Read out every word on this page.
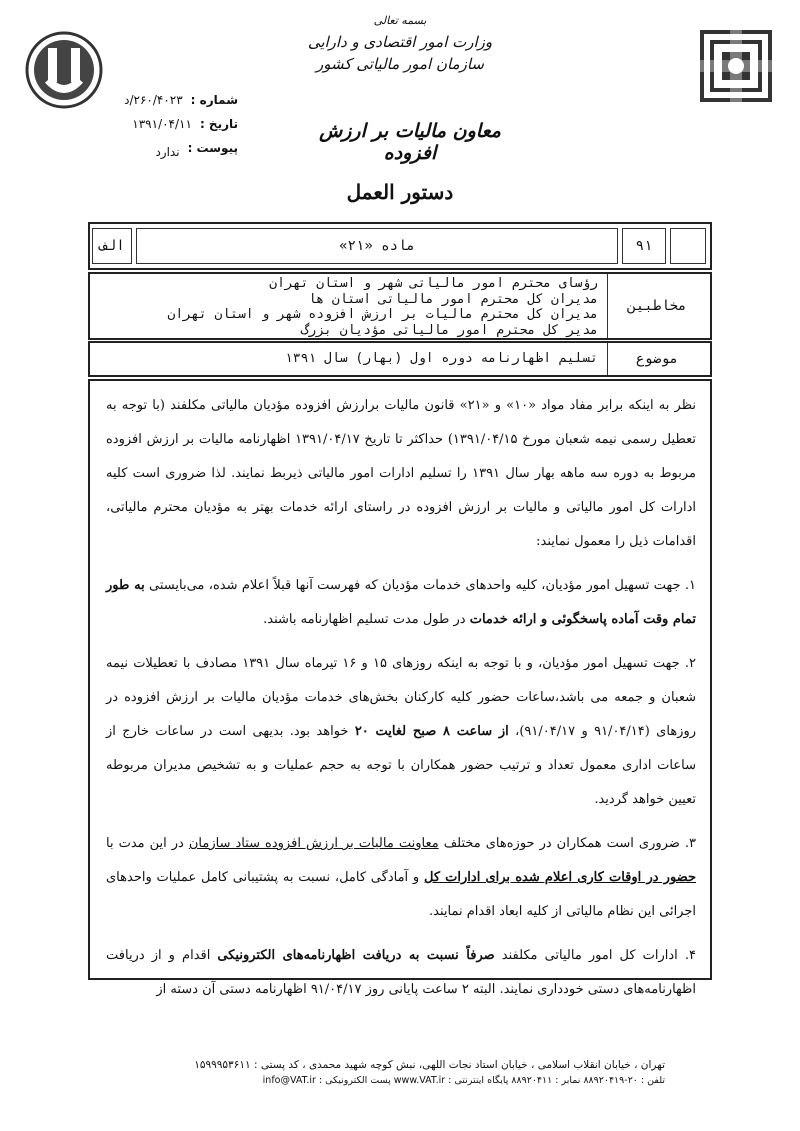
بسمه تعالی
وزارت امور اقتصادی و دارایی
سازمان امور مالیاتی کشور
معاون مالیات بر ارزش افزوده
شماره :
۲۶۰/۴۰۲۳/د
تاریخ :
۱۳۹۱/۰۴/۱۱
پیوست :
ندارد
دستور العمل
۹۱
ماده «۲۱»
الف
رؤسای محترم امور مالیاتی شهر و استان تهران
مدیران کل محترم امور مالیاتی استان ها
مدیران کل محترم مالیات بر ارزش افزوده شهر و استان تهران
مدیر کل محترم امور مالیاتی مؤدیان بزرگ
مخاطبین
تسلیم اظهارنامه دوره اول (بهار) سال ۱۳۹۱	موضوع

نظر به اینکه برابر مفاد مواد «۱۰» و «۲۱» قانون مالیات برارزش افزوده مؤدیان مالیاتی مکلفند (با توجه به تعطیل رسمی نیمه شعبان مورخ ۱۳۹۱/۰۴/۱۵) حداکثر تا تاریخ ۱۳۹۱/۰۴/۱۷ اظهارنامه مالیات بر ارزش افزوده مربوط به دوره سه ماهه بهار سال ۱۳۹۱ را تسلیم ادارات امور مالیاتی ذیربط نمایند. لذا ضروری است کلیه ادارات کل امور مالیاتی و مالیات بر ارزش افزوده در راستای ارائه خدمات بهتر به مؤدیان محترم مالیاتی، اقدامات ذیل را معمول نمایند:

۱. جهت تسهیل امور مؤدیان، کلیه واحدهای خدمات مؤدیان که فهرست آنها قبلاً اعلام شده، می‌بایستی به طور تمام وقت آماده پاسخگوئی و ارائه خدمات در طول مدت تسلیم اظهارنامه باشند.

۲. جهت تسهیل امور مؤدیان، و با توجه به اینکه روزهای ۱۵ و ۱۶ تیرماه سال ۱۳۹۱ مصادف با تعطیلات نیمه شعبان و جمعه می باشد،ساعات حضور کلیه کارکنان بخش‌های خدمات مؤدیان مالیات بر ارزش افزوده در روزهای (۹۱/۰۴/۱۴ و ۹۱/۰۴/۱۷)، از ساعت ۸ صبح لغایت ۲۰ خواهد بود. بدیهی است در ساعات خارج از ساعات اداری معمول تعداد و ترتیب حضور همکاران با توجه به حجم عملیات و به تشخیص مدیران مربوطه تعیین خواهد گردید.

۳. ضروری است همکاران در حوزه‌های مختلف معاونت مالیات بر ارزش افزوده ستاد سازمان در این مدت با حضور در اوقات کاری اعلام شده برای ادارات کل و آمادگی کامل، نسبت به پشتیبانی کامل عملیات واحدهای اجرائی این نظام مالیاتی از کلیه ابعاد اقدام نمایند.

۴. ادارات کل امور مالیاتی مکلفند صرفاً نسبت به دریافت اظهارنامه‌های الکترونیکی اقدام و از دریافت اظهارنامه‌های دستی خودداری نمایند. البته ۲ ساعت پایانی روز ۹۱/۰۴/۱۷ اظهارنامه دستی آن دسته از

تهران ، خیابان انقلاب اسلامی ، خیابان استاد نجات اللهی، نبش کوچه شهید محمدی ، کد پستی : ۱۵۹۹۹۵۳۶۱۱
تلفن : ۲۰-۸۸۹۲۰۴۱۹ نمابر : ۸۸۹۲۰۴۱۱ پایگاه اینترنتی : www.VAT.ir پست الکترونیکی : info@VAT.ir
